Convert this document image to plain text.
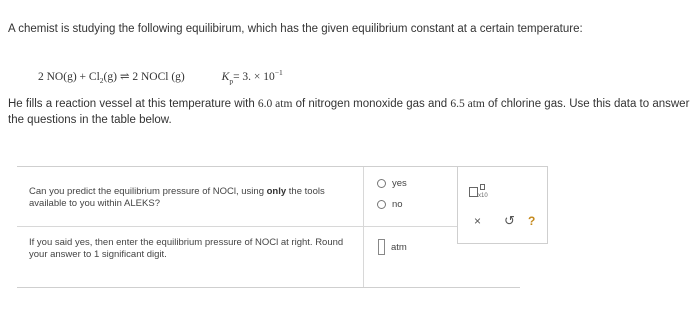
A chemist is studying the following equilibirum, which has the given equilibrium constant at a certain temperature:
2 $NO(g) + Cl_2(g)$ ⇌ 2 NOCl (g)	$K_p= 3$. × $10^{-1}$
He fills a reaction vessel at this temperature with 6.0 atm of nitrogen monoxide gas and 6.5 atm of chlorine gas. Use this data to answer the questions in the table below.
Can you predict the equilibrium pressure of NOCl, using only the tools available to you within ALEKS?
yes
no
If you said yes, then enter the equilibrium pressure of NOCl at right. Round your answer to 1 significant digit.
atm
x10
× ↺ ?
